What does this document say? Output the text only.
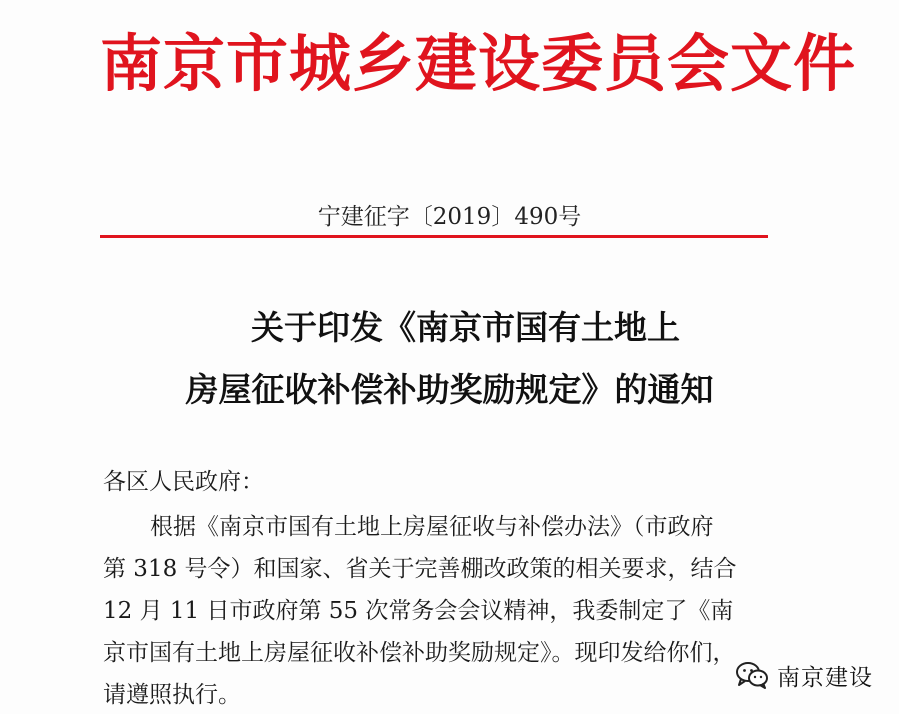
南京市城乡建设委员会文件
宁建征字〔2019〕490号
关于印发《南京市国有土地上
房屋征收补偿补助奖励规定》的通知
各区人民政府：
根据《南京市国有土地上房屋征收与补偿办法》（市政府
第 318 号令）和国家、省关于完善棚改政策的相关要求，结合
12 月 11 日市政府第 55 次常务会会议精神，我委制定了《南
京市国有土地上房屋征收补偿补助奖励规定》。现印发给你们，
请遵照执行。
南京建设
